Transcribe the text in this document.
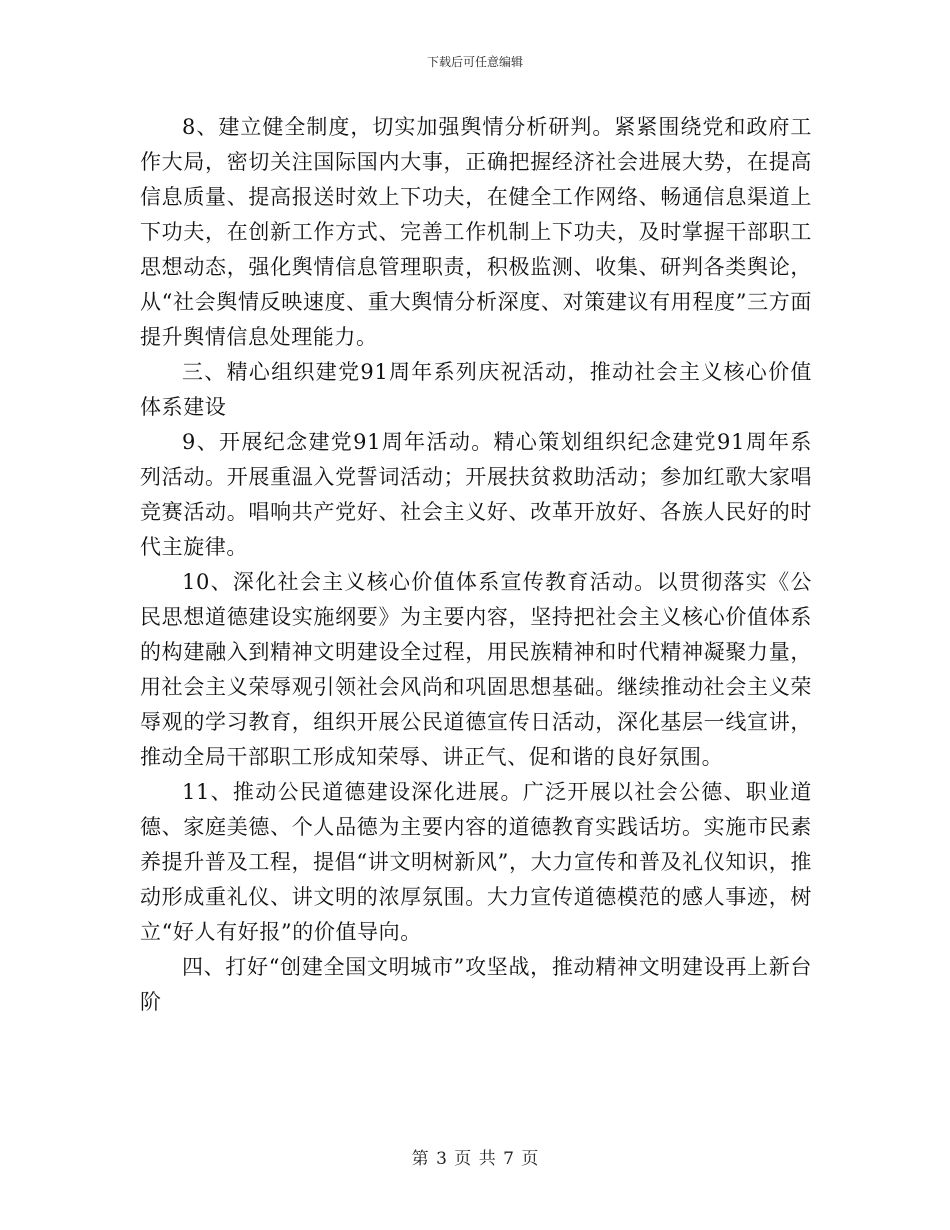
下载后可任意编辑

8、建立健全制度，切实加强舆情分析研判。紧紧围绕党和政府工作大局，密切关注国际国内大事，正确把握经济社会进展大势，在提高信息质量、提高报送时效上下功夫，在健全工作网络、畅通信息渠道上下功夫，在创新工作方式、完善工作机制上下功夫，及时掌握干部职工思想动态，强化舆情信息管理职责，积极监测、收集、研判各类舆论，从“社会舆情反映速度、重大舆情分析深度、对策建议有用程度”三方面提升舆情信息处理能力。

三、精心组织建党91周年系列庆祝活动，推动社会主义核心价值体系建设

9、开展纪念建党91周年活动。精心策划组织纪念建党91周年系列活动。开展重温入党誓词活动；开展扶贫救助活动；参加红歌大家唱竞赛活动。唱响共产党好、社会主义好、改革开放好、各族人民好的时代主旋律。

10、深化社会主义核心价值体系宣传教育活动。以贯彻落实《公民思想道德建设实施纲要》为主要内容，坚持把社会主义核心价值体系的构建融入到精神文明建设全过程，用民族精神和时代精神凝聚力量，用社会主义荣辱观引领社会风尚和巩固思想基础。继续推动社会主义荣辱观的学习教育，组织开展公民道德宣传日活动，深化基层一线宣讲，推动全局干部职工形成知荣辱、讲正气、促和谐的良好氛围。

11、推动公民道德建设深化进展。广泛开展以社会公德、职业道德、家庭美德、个人品德为主要内容的道德教育实践话坊。实施市民素养提升普及工程，提倡“讲文明树新风”，大力宣传和普及礼仪知识，推动形成重礼仪、讲文明的浓厚氛围。大力宣传道德模范的感人事迹，树立“好人有好报”的价值导向。

四、打好“创建全国文明城市”攻坚战，推动精神文明建设再上新台阶

第 3 页 共 7 页
